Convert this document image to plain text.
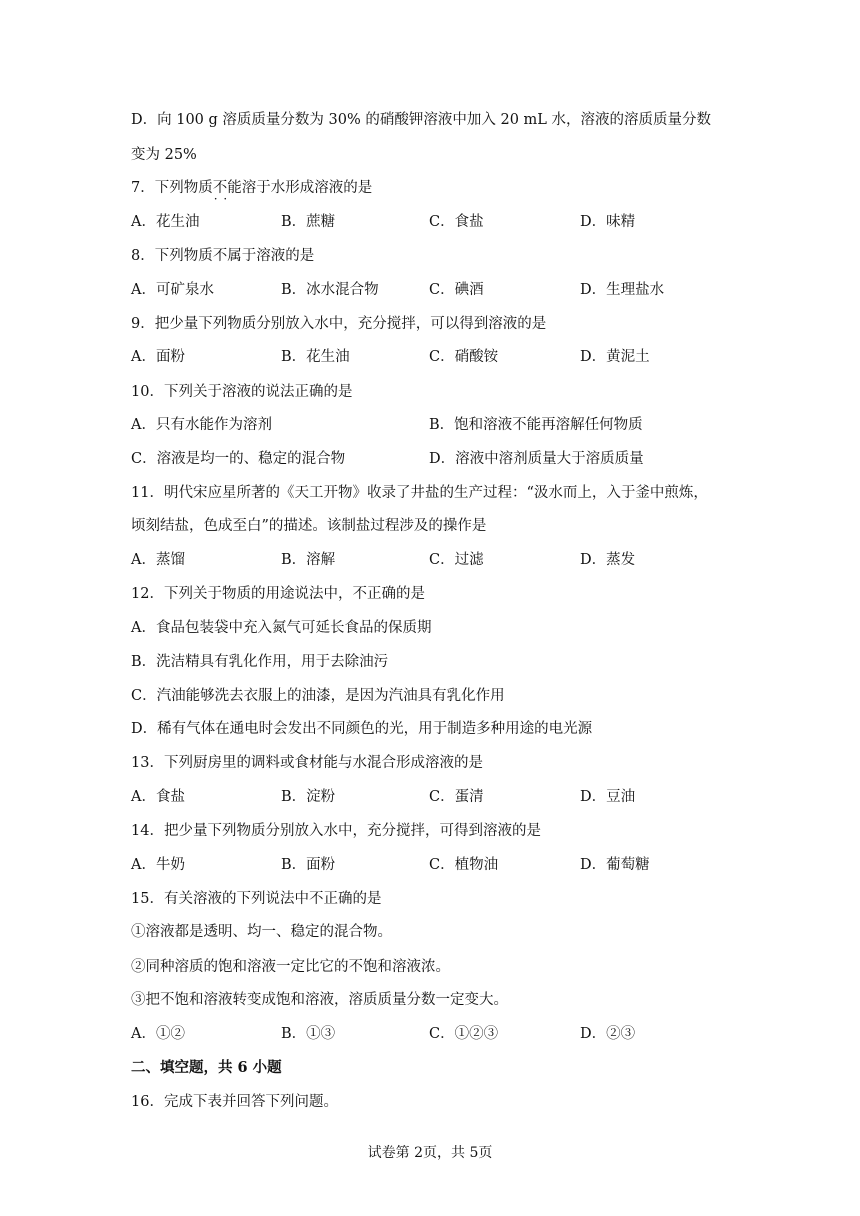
D．向 100 g 溶质质量分数为 30% 的硝酸钾溶液中加入 20 mL 水，溶液的溶质质量分数
变为 25%
7．下列物质不能 · ·溶于水形成溶液的是
A．花生油	B．蔗糖	C．食盐	D．味精
8．下列物质不属于溶液的是
A．可矿泉水	B．冰水混合物	C．碘酒	D．生理盐水
9．把少量下列物质分别放入水中，充分搅拌，可以得到溶液的是
A．面粉	B．花生油	C．硝酸铵	D．黄泥土
10．下列关于溶液的说法正确的是
A．只有水能作为溶剂	B．饱和溶液不能再溶解任何物质
C．溶液是均一的、稳定的混合物	D．溶液中溶剂质量大于溶质质量
11．明代宋应星所著的《天工开物》收录了井盐的生产过程：“汲水而上，入于釜中煎炼，
顷刻结盐，色成至白”的描述。该制盐过程涉及的操作是
A．蒸馏	B．溶解	C．过滤	D．蒸发
12．下列关于物质的用途说法中，不正确的是
A．食品包装袋中充入氮气可延长食品的保质期
B．洗洁精具有乳化作用，用于去除油污
C．汽油能够洗去衣服上的油漆，是因为汽油具有乳化作用
D．稀有气体在通电时会发出不同颜色的光，用于制造多种用途的电光源
13．下列厨房里的调料或食材能与水混合形成溶液的是
A．食盐	B．淀粉	C．蛋清	D．豆油
14．把少量下列物质分别放入水中，充分搅拌，可得到溶液的是
A．牛奶	B．面粉	C．植物油	D．葡萄糖
15．有关溶液的下列说法中不正确的是
①溶液都是透明、均一、稳定的混合物。
②同种溶质的饱和溶液一定比它的不饱和溶液浓。
③把不饱和溶液转变成饱和溶液，溶质质量分数一定变大。
A．①②	B．①③	C．①②③	D．②③
二、填空题，共 6 小题
16．完成下表并回答下列问题。
试卷第 2页，共 5页
